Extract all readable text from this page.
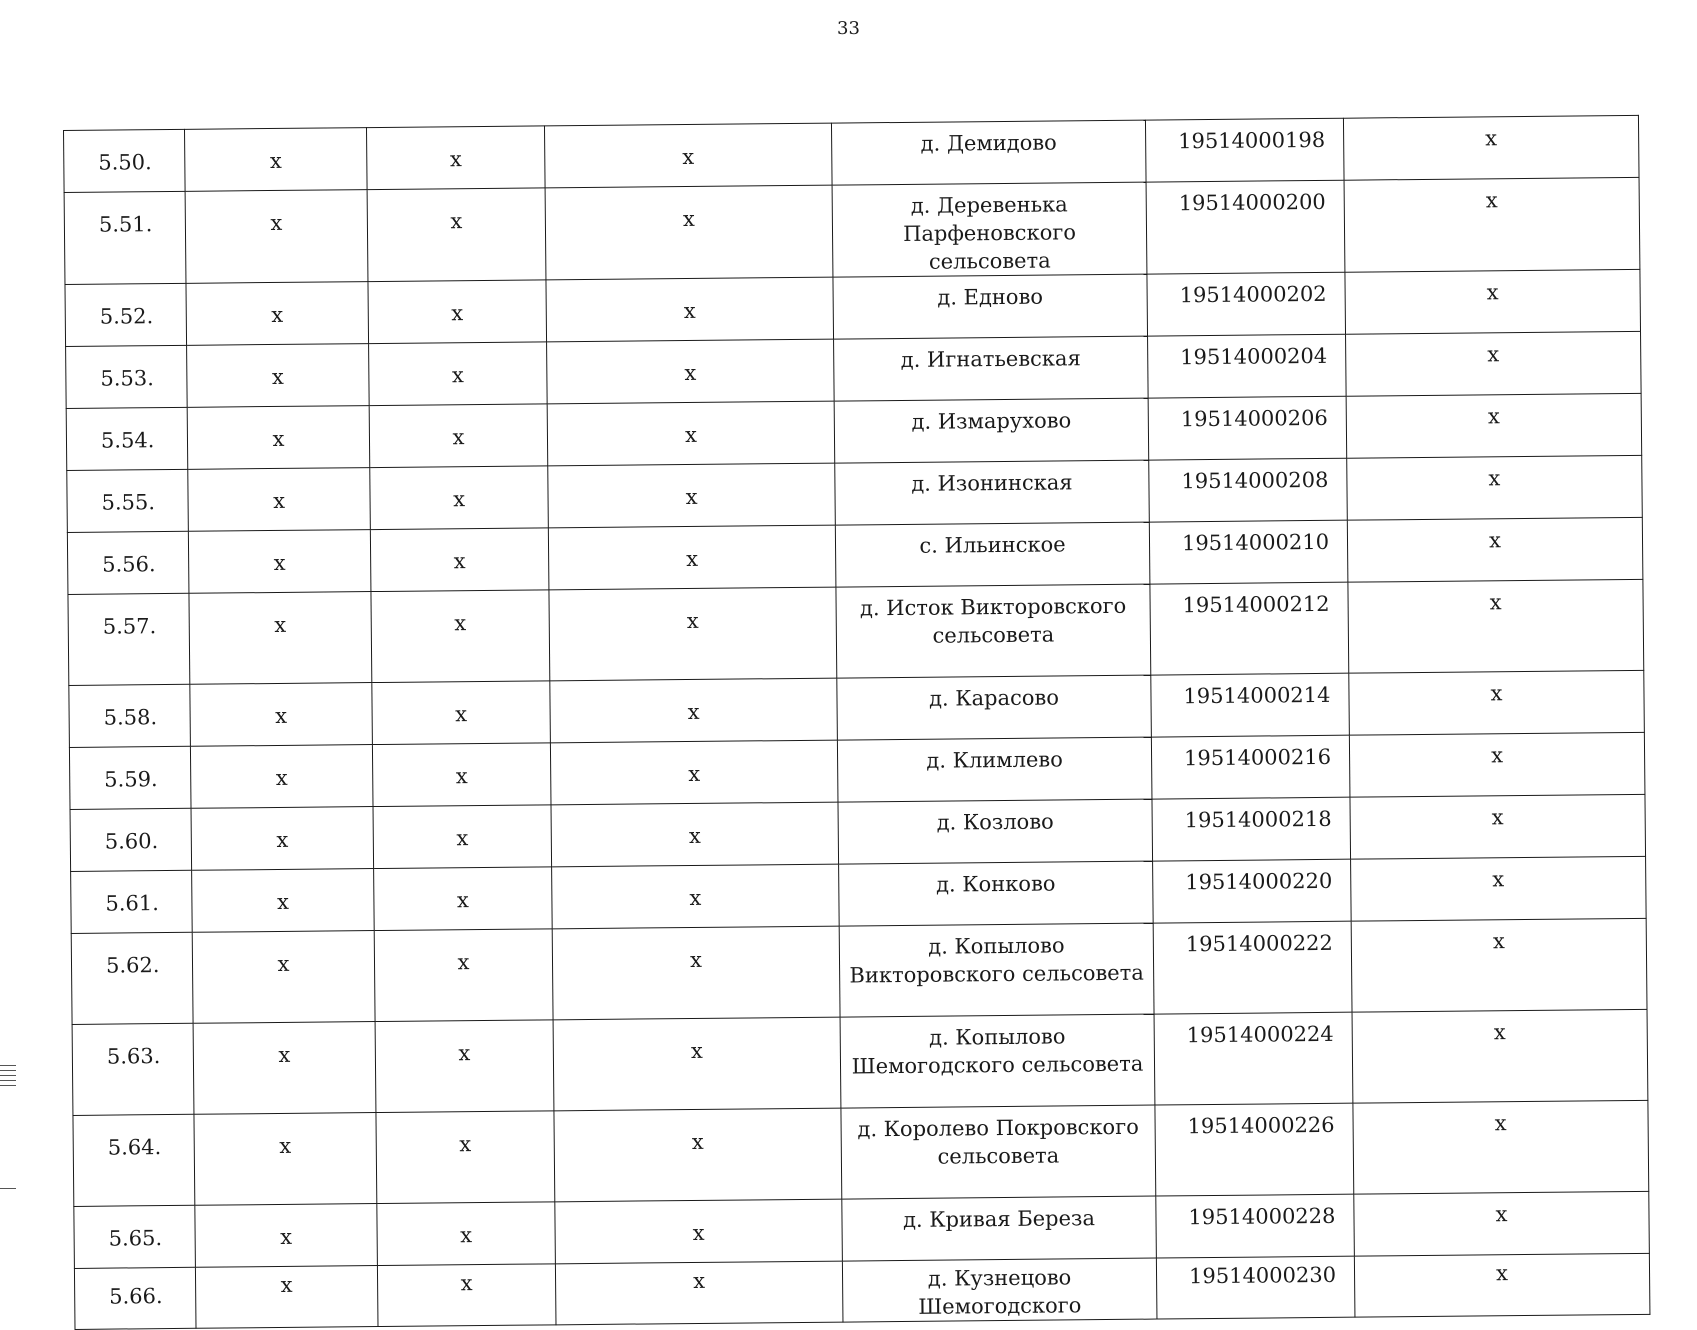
33
5.50.	х	х	х	д. Демидово	19514000198	х
5.51.	х	х	х	д. Деревенька Парфеновского сельсовета	19514000200	х
5.52.	х	х	х	д. Едново	19514000202	х
5.53.	х	х	х	д. Игнатьевская	19514000204	х
5.54.	х	х	х	д. Измарухово	19514000206	х
5.55.	х	х	х	д. Изонинская	19514000208	х
5.56.	х	х	х	с. Ильинское	19514000210	х
5.57.	х	х	х	д. Исток Викторовского сельсовета	19514000212	х
5.58.	х	х	х	д. Карасово	19514000214	х
5.59.	х	х	х	д. Климлево	19514000216	х
5.60.	х	х	х	д. Козлово	19514000218	х
5.61.	х	х	х	д. Конково	19514000220	х
5.62.	х	х	х	д. Копылово Викторовского сельсовета	19514000222	х
5.63.	х	х	х	д. Копылово Шемогодского сельсовета	19514000224	х
5.64.	х	х	х	д. Королево Покровского сельсовета	19514000226	х
5.65.	х	х	х	д. Кривая Береза	19514000228	х
5.66.	х	х	х	д. Кузнецово Шемогодского	19514000230	х
